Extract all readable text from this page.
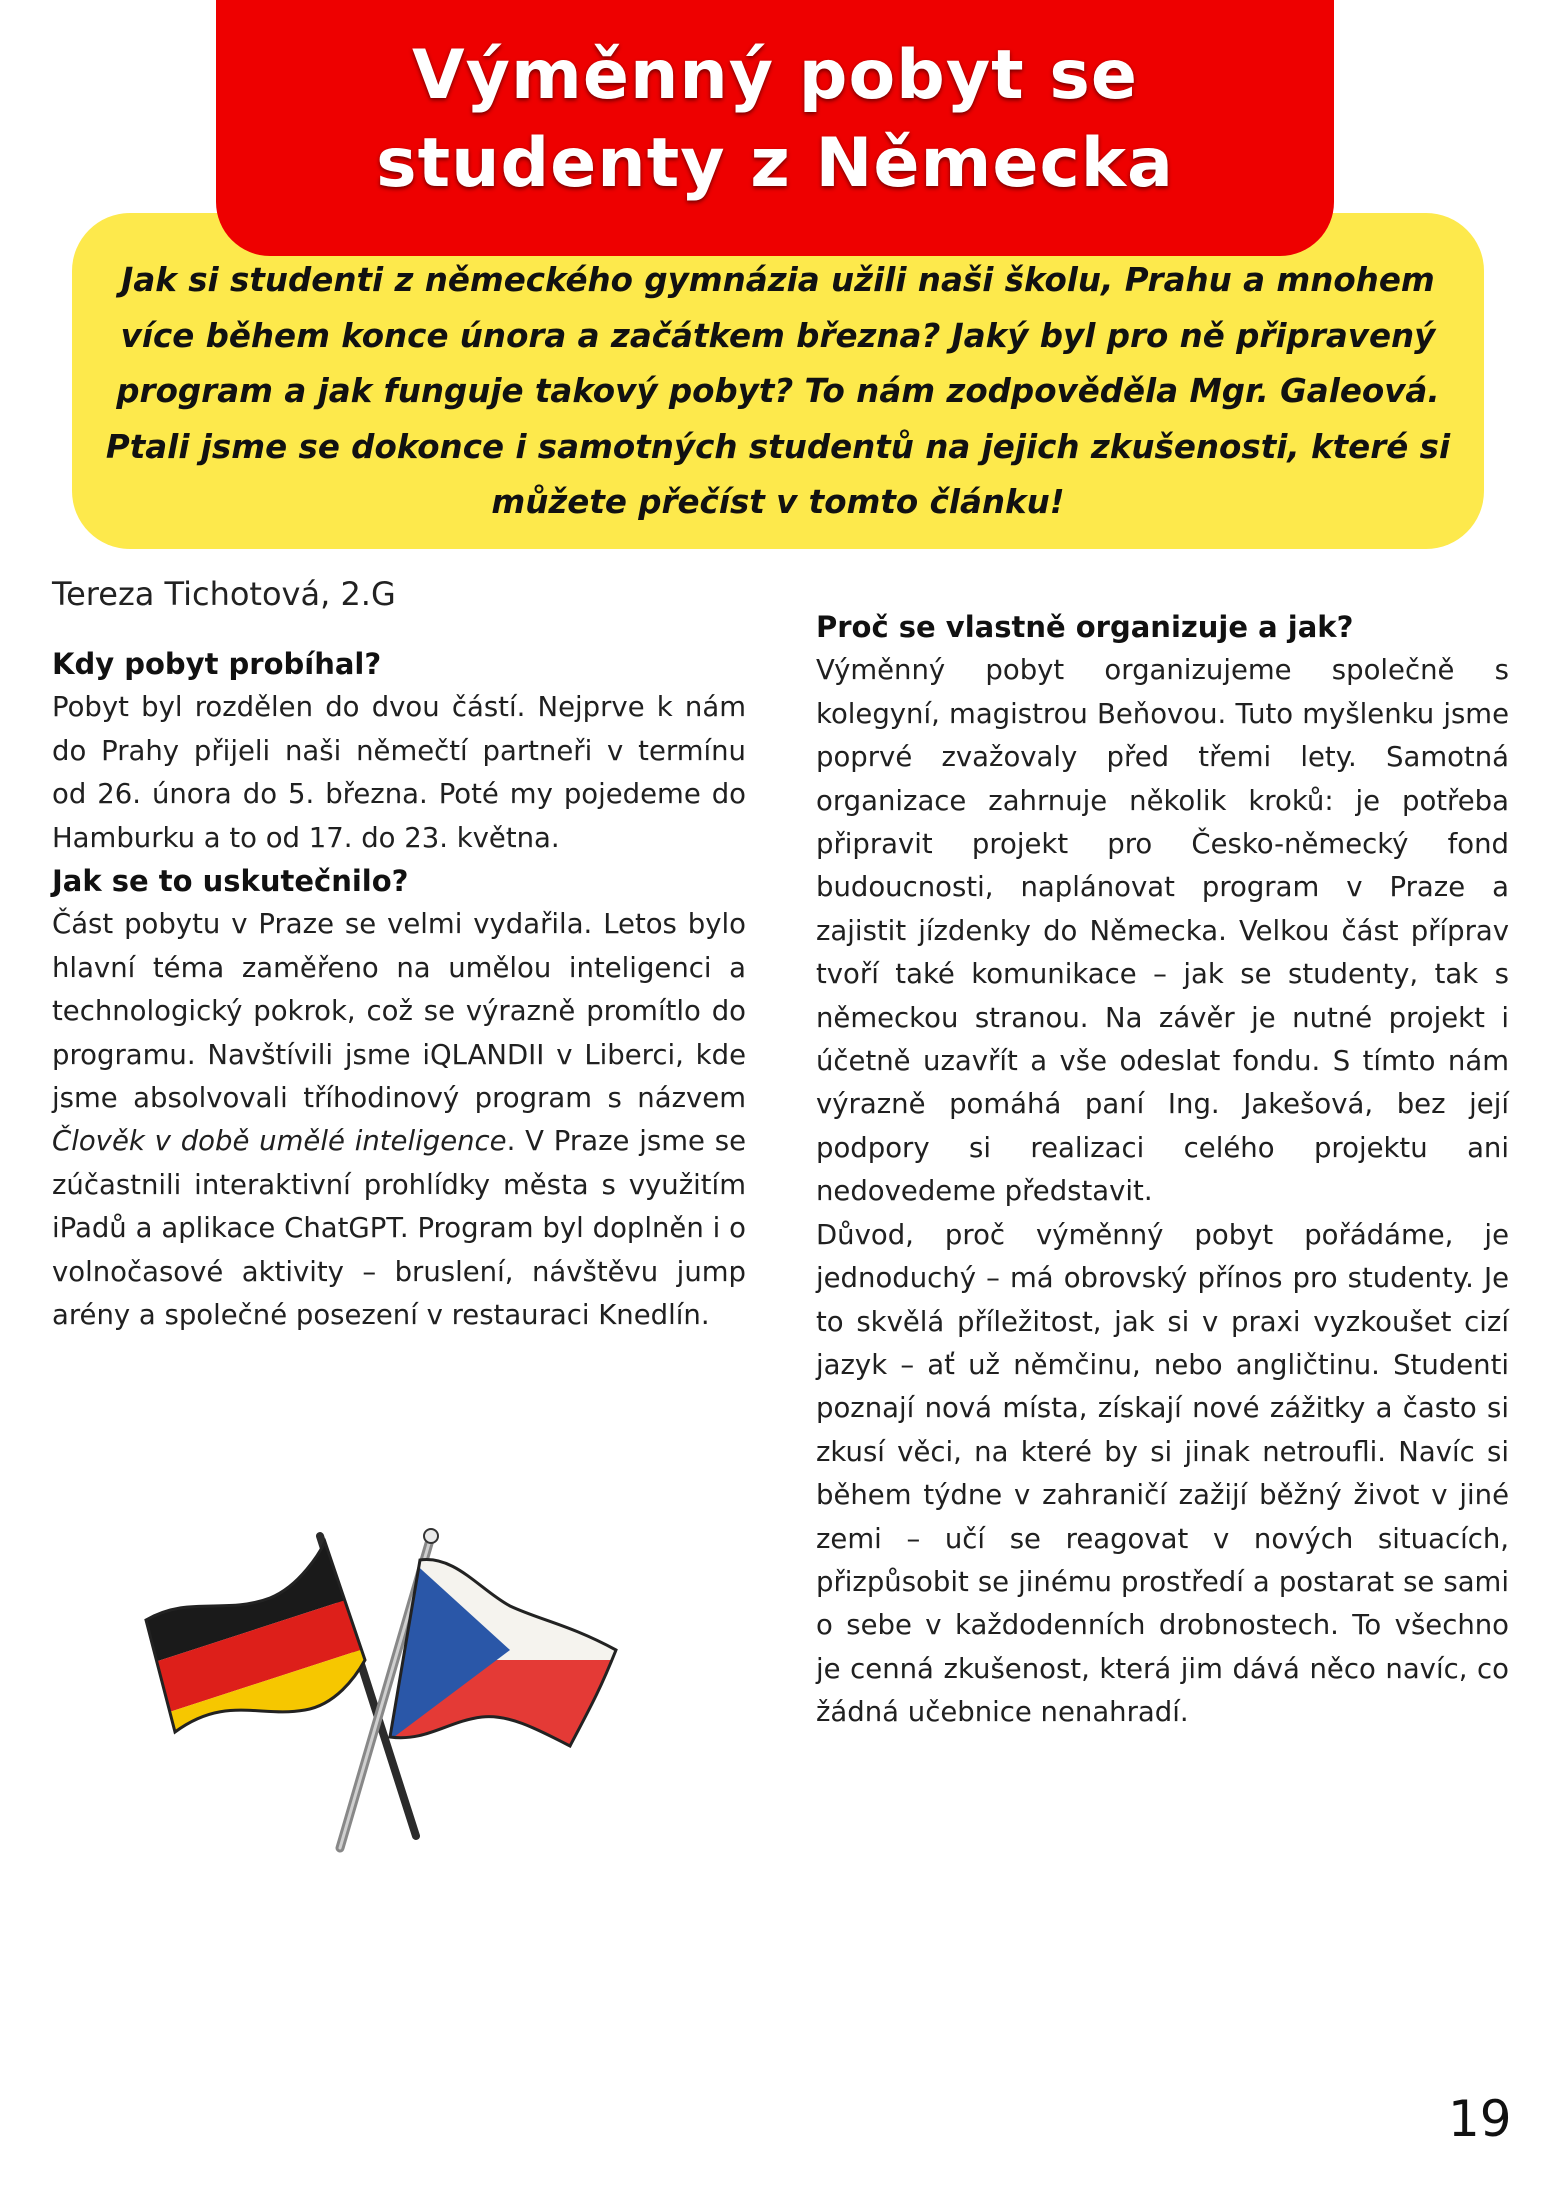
Výměnný pobyt se studenty z Německa
Jak si studenti z německého gymnázia užili naši školu, Prahu a mnohem více během konce února a začátkem března? Jaký byl pro ně připravený program a jak funguje takový pobyt? To nám zodpověděla Mgr. Galeová. Ptali jsme se dokonce i samotných studentů na jejich zkušenosti, které si můžete přečíst v tomto článku!
Tereza Tichotová, 2.G
Kdy pobyt probíhal?

Pobyt byl rozdělen do dvou částí. Nejprve k nám do Prahy přijeli naši němečtí partneři v termínu od 26. února do 5. března. Poté my pojedeme do Hamburku a to od 17. do 23. května.

Jak se to uskutečnilo?

Část pobytu v Praze se velmi vydařila. Letos bylo hlavní téma zaměřeno na umělou inteligenci a technologický pokrok, což se výrazně promítlo do programu. Navštívili jsme iQLANDII v Liberci, kde jsme absolvovali tříhodinový program s názvem Člověk v době umělé inteligence. V Praze jsme se zúčastnili interaktivní prohlídky města s využitím iPadů a aplikace ChatGPT. Program byl doplněn i o volnočasové aktivity – bruslení, návštěvu jump arény a společné posezení v restauraci Knedlín.

Proč se vlastně organizuje a jak?

Výměnný pobyt organizujeme společně s kolegyní, magistrou Beňovou. Tuto myšlenku jsme poprvé zvažovaly před třemi lety. Samotná organizace zahrnuje několik kroků: je potřeba připravit projekt pro Česko-německý fond budoucnosti, naplánovat program v Praze a zajistit jízdenky do Německa. Velkou část příprav tvoří také komunikace – jak se studenty, tak s německou stranou. Na závěr je nutné projekt i účetně uzavřít a vše odeslat fondu. S tímto nám výrazně pomáhá paní Ing. Jakešová, bez její podpory si realizaci celého projektu ani nedovedeme představit.

Důvod, proč výměnný pobyt pořádáme, je jednoduchý – má obrovský přínos pro studenty. Je to skvělá příležitost, jak si v praxi vyzkoušet cizí jazyk – ať už němčinu, nebo angličtinu. Studenti poznají nová místa, získají nové zážitky a často si zkusí věci, na které by si jinak netroufli. Navíc si během týdne v zahraničí zažijí běžný život v jiné zemi – učí se reagovat v nových situacích, přizpůsobit se jinému prostředí a postarat se sami o sebe v každodenních drobnostech. To všechno je cenná zkušenost, která jim dává něco navíc, co žádná učebnice nenahradí.

19
